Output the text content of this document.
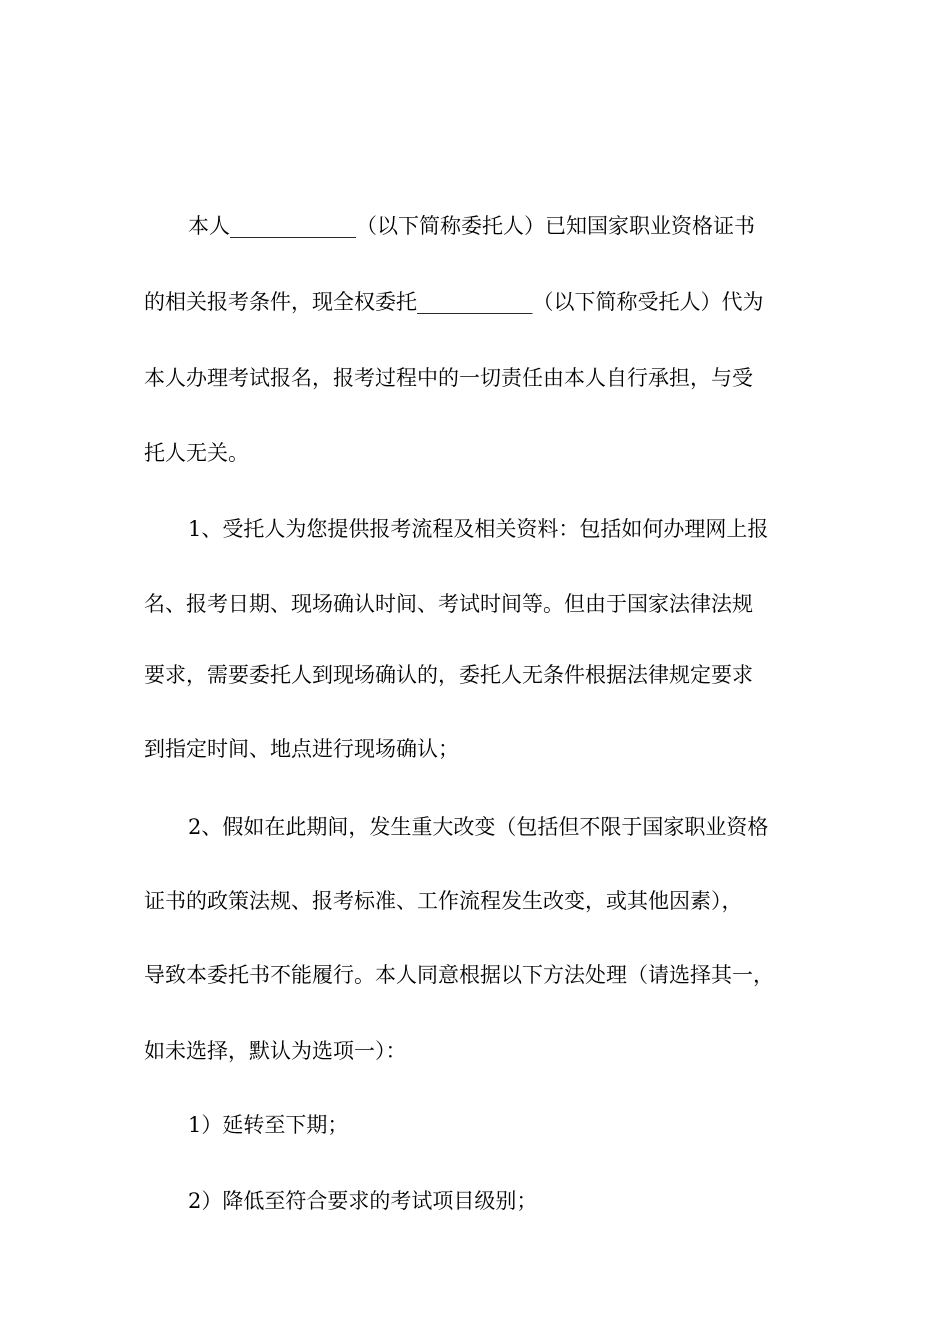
本人____________（以下简称委托人）已知国家职业资格证书
的相关报考条件，现全权委托___________（以下简称受托人）代为
本人办理考试报名，报考过程中的一切责任由本人自行承担，与受
托人无关。
1、受托人为您提供报考流程及相关资料：包括如何办理网上报
名、报考日期、现场确认时间、考试时间等。但由于国家法律法规
要求，需要委托人到现场确认的，委托人无条件根据法律规定要求
到指定时间、地点进行现场确认；
2、假如在此期间，发生重大改变（包括但不限于国家职业资格
证书的政策法规、报考标准、工作流程发生改变，或其他因素），
导致本委托书不能履行。本人同意根据以下方法处理（请选择其一，
如未选择，默认为选项一）：
1）延转至下期；
2）降低至符合要求的考试项目级别；
